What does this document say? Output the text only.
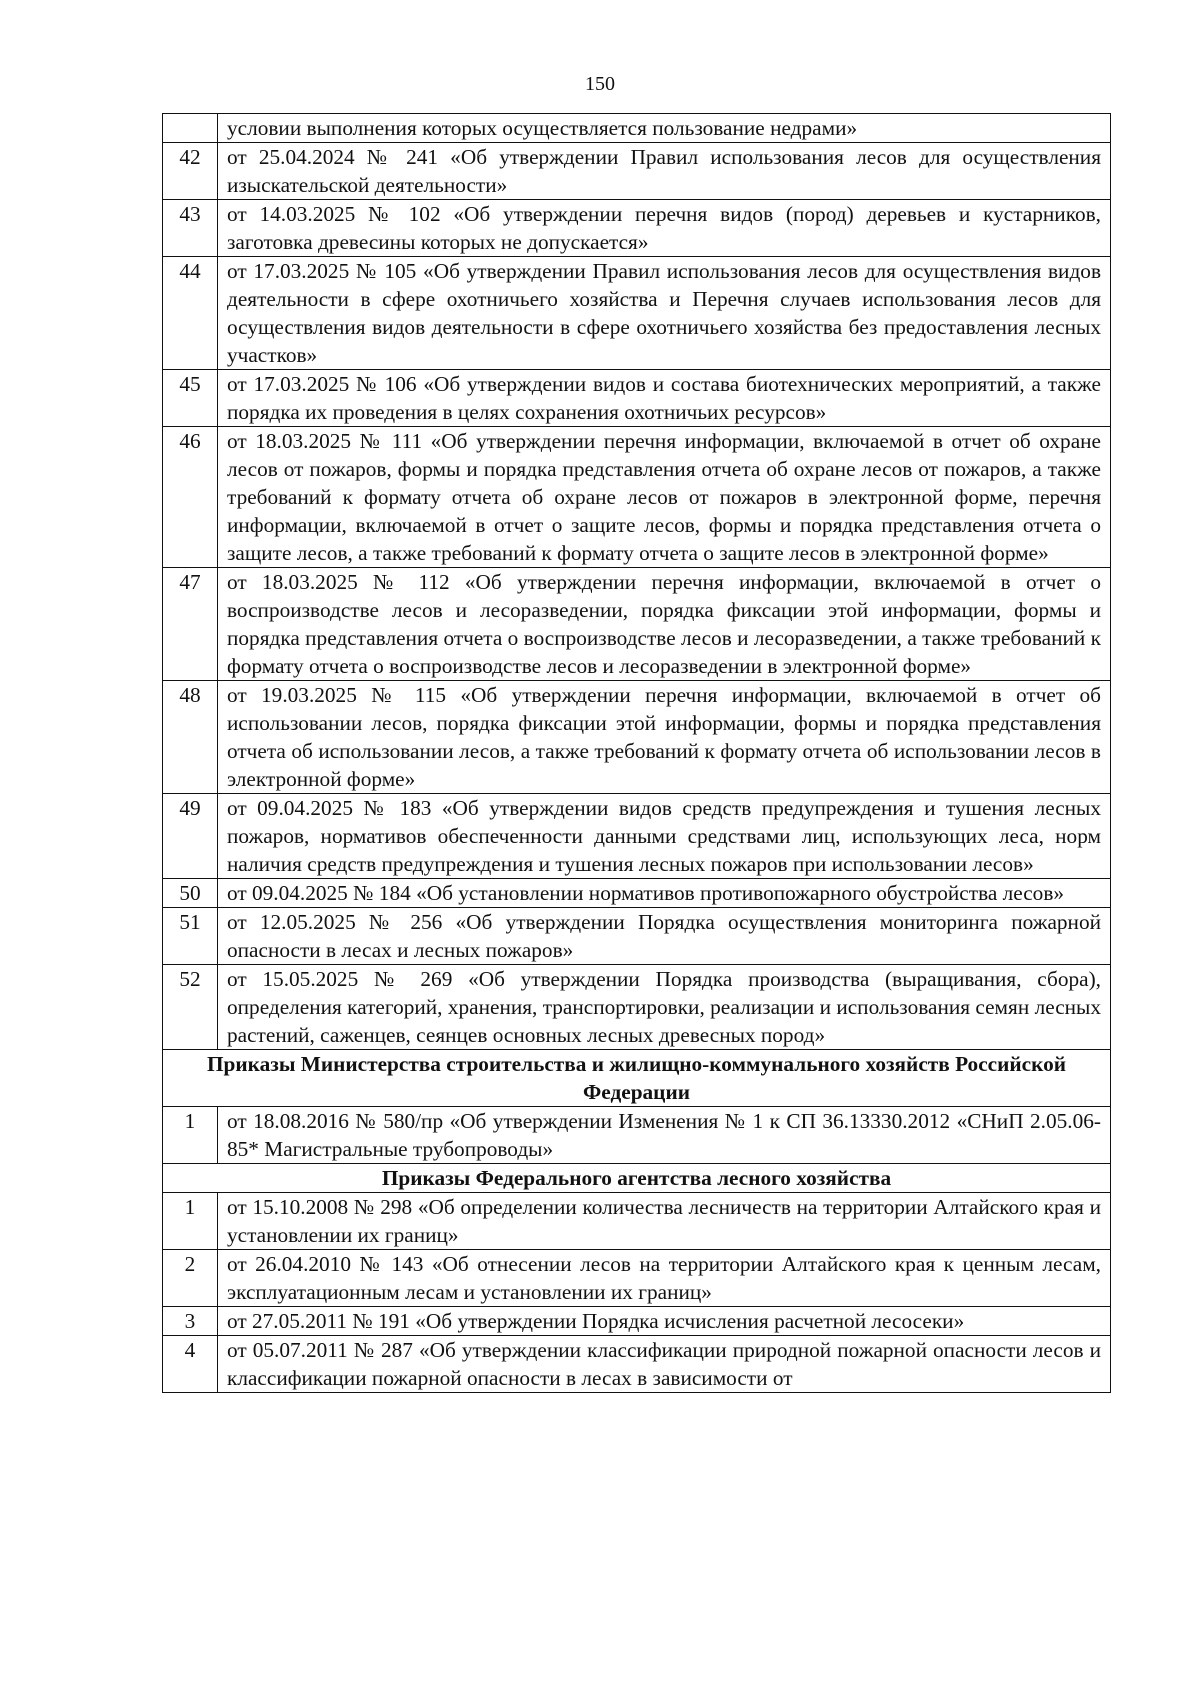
150
	условии выполнения которых осуществляется пользование недрами»
42	от 25.04.2024 № 241 «Об утверждении Правил использования лесов для осуществления изыскательской деятельности»
43	от 14.03.2025 № 102 «Об утверждении перечня видов (пород) деревьев и кустарников, заготовка древесины которых не допускается»
44	от 17.03.2025 № 105 «Об утверждении Правил использования лесов для осуществления видов деятельности в сфере охотничьего хозяйства и Перечня случаев использования лесов для осуществления видов деятельности в сфере охотничьего хозяйства без предоставления лесных участков»
45	от 17.03.2025 № 106 «Об утверждении видов и состава биотехнических мероприятий, а также порядка их проведения в целях сохранения охотничьих ресурсов»
46	от 18.03.2025 № 111 «Об утверждении перечня информации, включаемой в отчет об охране лесов от пожаров, формы и порядка представления отчета об охране лесов от пожаров, а также требований к формату отчета об охране лесов от пожаров в электронной форме, перечня информации, включаемой в отчет о защите лесов, формы и порядка представления отчета о защите лесов, а также требований к формату отчета о защите лесов в электронной форме»
47	от 18.03.2025 № 112 «Об утверждении перечня информации, включаемой в отчет о воспроизводстве лесов и лесоразведении, порядка фиксации этой информации, формы и порядка представления отчета о воспроизводстве лесов и лесоразведении, а также требований к формату отчета о воспроизводстве лесов и лесоразведении в электронной форме»
48	от 19.03.2025 № 115 «Об утверждении перечня информации, включаемой в отчет об использовании лесов, порядка фиксации этой информации, формы и порядка представления отчета об использовании лесов, а также требований к формату отчета об использовании лесов в электронной форме»
49	от 09.04.2025 № 183 «Об утверждении видов средств предупреждения и тушения лесных пожаров, нормативов обеспеченности данными средствами лиц, использующих леса, норм наличия средств предупреждения и тушения лесных пожаров при использовании лесов»
50	от 09.04.2025 № 184 «Об установлении нормативов противопожарного обустройства лесов»
51	от 12.05.2025 № 256 «Об утверждении Порядка осуществления мониторинга пожарной опасности в лесах и лесных пожаров»
52	от 15.05.2025 № 269 «Об утверждении Порядка производства (выращивания, сбора), определения категорий, хранения, транспортировки, реализации и использования семян лесных растений, саженцев, сеянцев основных лесных древесных пород»
Приказы Министерства строительства и жилищно-коммунального хозяйств Российской Федерации	
1	от 18.08.2016 № 580/пр «Об утверждении Изменения № 1 к СП 36.13330.2012 «СНиП 2.05.06-85* Магистральные трубопроводы»
Приказы Федерального агентства лесного хозяйства	
1	от 15.10.2008 № 298 «Об определении количества лесничеств на территории Алтайского края и установлении их границ»
2	от 26.04.2010 № 143 «Об отнесении лесов на территории Алтайского края к ценным лесам, эксплуатационным лесам и установлении их границ»
3	от 27.05.2011 № 191 «Об утверждении Порядка исчисления расчетной лесосеки»
4	от 05.07.2011 № 287 «Об утверждении классификации природной пожарной опасности лесов и классификации пожарной опасности в лесах в зависимости от
